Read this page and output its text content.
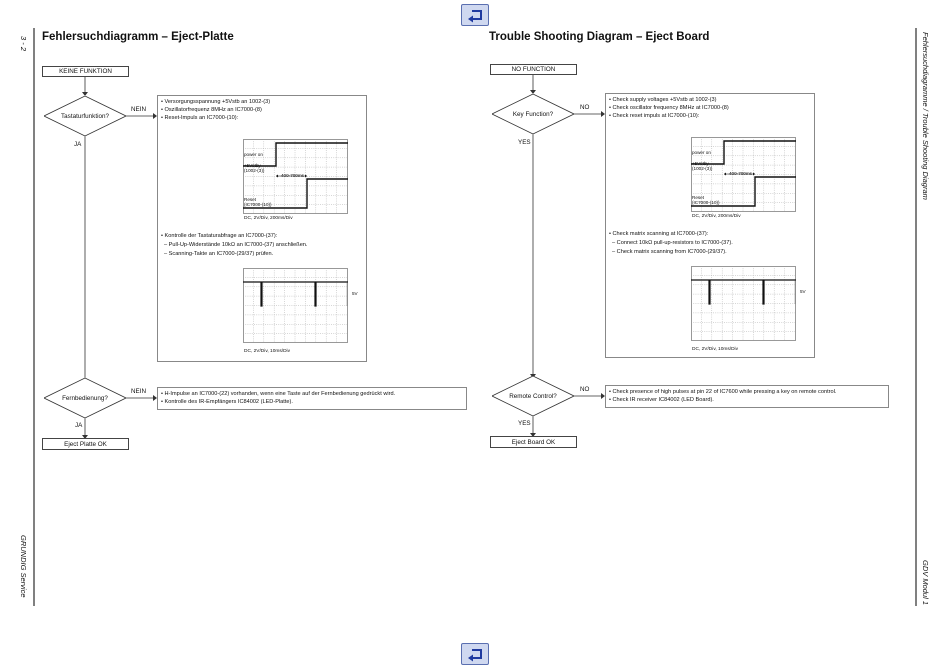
3 - 2
GRUNDIG Service
Fehlersuchdiagramme / Trouble Shooting Diagram
GDV Modul 1
Fehlersuchdiagramm – Eject-Platte
KEINE FUNKTION
Tastaturfunktion?
NEIN
JA
• Versorgungsspannung +5Vstb an 1002-(3)
• Oszillatorfrequenz 8MHz an IC7000-(8)
• Reset-Impuls an IC7000-(10):
power on
+5Vstby
(1002-(3))
400-700ms
Reset
(IC7000-(10))
DC, 2V/Div, 200ms/Div
• Kontrolle der Tastaturabfrage an IC7000-(37):
– Pull-Up-Widerstände 10kΩ an IC7000-(37) anschließen.
– Scanning-Takte an IC7000-(29/37) prüfen.
5V
DC, 2V/Div, 10ms/Div
Fernbedienung?
NEIN
JA
• H-Impulse an IC7000-(22) vorhanden, wenn eine Taste auf der Fernbedienung gedrückt wird.
• Kontrolle des IR-Empfängers IC84002 (LED-Platte).
Eject Platte OK
Trouble Shooting Diagram – Eject Board
NO FUNCTION
Key Function?
NO
YES
• Check supply voltages +5Vstb at 1002-(3)
• Check oscillator frequency 8MHz at IC7000-(8)
• Check reset impuls at IC7000-(10):
power on
+5Vstby
(1002-(3))
400-700ms
Reset
(IC7000-(10))
DC, 2V/Div, 200ms/Div
• Check matrix scanning at IC7000-(37):
– Connect 10kΩ pull-up-resistors to IC7000-(37).
– Check matrix scanning from IC7000-(29/37).
5V
DC, 2V/Div, 10ms/Div
Remote Control?
NO
YES
• Check presence of high pulses at pin 22 of IC7600 while pressing a key on remote control.
• Check IR receiver IC84002 (LED Board).
Eject Board OK
